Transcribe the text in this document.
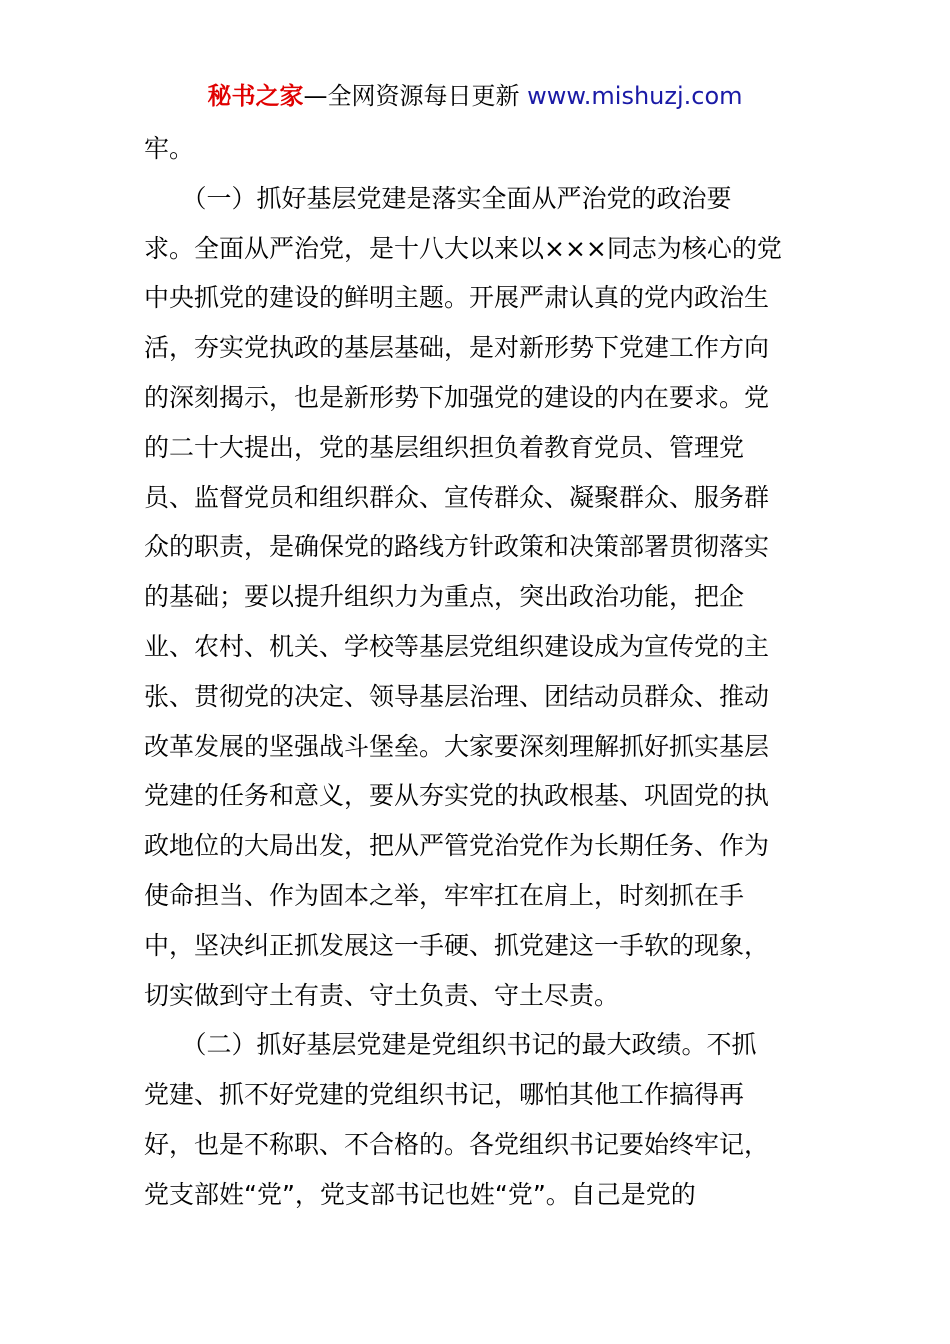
秘书之家—全网资源每日更新 www.mishuzj.com
牢。
　　（一）抓好基层党建是落实全面从严治党的政治要
求。全面从严治党，是十八大以来以×××同志为核心的党
中央抓党的建设的鲜明主题。开展严肃认真的党内政治生
活，夯实党执政的基层基础，是对新形势下党建工作方向
的深刻揭示，也是新形势下加强党的建设的内在要求。党
的二十大提出，党的基层组织担负着教育党员、管理党
员、监督党员和组织群众、宣传群众、凝聚群众、服务群
众的职责，是确保党的路线方针政策和决策部署贯彻落实
的基础；要以提升组织力为重点，突出政治功能，把企
业、农村、机关、学校等基层党组织建设成为宣传党的主
张、贯彻党的决定、领导基层治理、团结动员群众、推动
改革发展的坚强战斗堡垒。大家要深刻理解抓好抓实基层
党建的任务和意义，要从夯实党的执政根基、巩固党的执
政地位的大局出发，把从严管党治党作为长期任务、作为
使命担当、作为固本之举，牢牢扛在肩上，时刻抓在手
中，坚决纠正抓发展这一手硬、抓党建这一手软的现象，
切实做到守土有责、守土负责、守土尽责。
　　（二）抓好基层党建是党组织书记的最大政绩。不抓
党建、抓不好党建的党组织书记，哪怕其他工作搞得再
好，也是不称职、不合格的。各党组织书记要始终牢记，
党支部姓“党”，党支部书记也姓“党”。自己是党的
